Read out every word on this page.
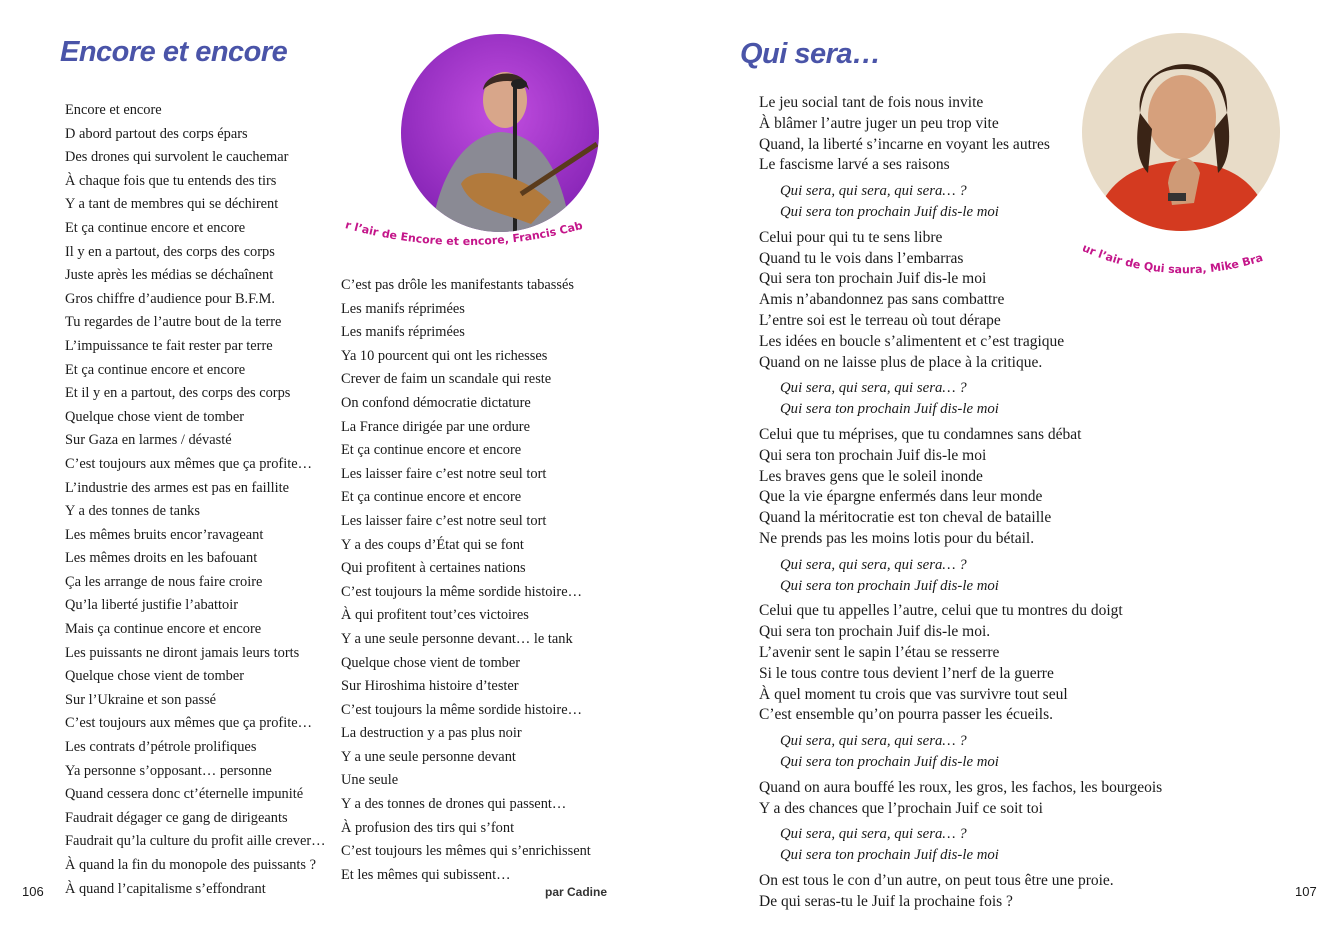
Encore et encore
Encore et encore
D abord partout des corps épars
Des drones qui survolent le cauchemar
À chaque fois que tu entends des tirs
Y a tant de membres qui se déchirent
Et ça continue encore et encore
Il y en a partout, des corps des corps
Juste après les médias se déchaînent
Gros chiffre d’audience pour B.F.M.
Tu regardes de l’autre bout de la terre
L’impuissance te fait rester par terre
Et ça continue encore et encore
Et il y en a partout, des corps des corps
Quelque chose vient de tomber
Sur Gaza en larmes / dévasté
C’est toujours aux mêmes que ça profite…
L’industrie des armes est pas en faillite
Y a des tonnes de tanks
Les mêmes bruits encor’ravageant
Les mêmes droits en les bafouant
Ça les arrange de nous faire croire
Qu’la liberté justifie l’abattoir
Mais ça continue encore et encore
Les puissants ne diront jamais leurs torts
Quelque chose vient de tomber
Sur l’Ukraine et son passé
C’est toujours aux mêmes que ça profite…
Les contrats d’pétrole prolifiques
Ya personne s’opposant… personne
Quand cessera donc ct’éternelle impunité
Faudrait dégager ce gang de dirigeants
Faudrait qu’la culture du profit aille crever…
À quand la fin du monopole des puissants ?
À quand l’capitalisme s’effondrant
sur l’air de Encore et encore, Francis Cabrel
C’est pas drôle les manifestants tabassés
Les manifs réprimées
Les manifs réprimées
Ya 10 pourcent qui ont les richesses
Crever de faim un scandale qui reste
On confond démocratie dictature
La France dirigée par une ordure
Et ça continue encore et encore
Les laisser faire c’est notre seul tort
Et ça continue encore et encore
Les laisser faire c’est notre seul tort
Y a des coups d’État qui se font
Qui profitent à certaines nations
C’est toujours la même sordide histoire…
À qui profitent tout’ces victoires
Y a une seule personne devant… le tank
Quelque chose vient de tomber
Sur Hiroshima histoire d’tester
C’est toujours la même sordide histoire…
La destruction y a pas plus noir
Y a une seule personne devant
Une seule
Y a des tonnes de drones qui passent…
À profusion des tirs qui s’font
C’est toujours les mêmes qui s’enrichissent
Et les mêmes qui subissent…

106	par Cadine

Qui sera…
Sur l’air de Qui saura, Mike Brant
Le jeu social tant de fois nous invite
À blâmer l’autre juger un peu trop vite
Quand, la liberté s’incarne en voyant les autres
Le fascisme larvé a ses raisons
Qui sera, qui sera, qui sera… ?
Qui sera ton prochain Juif dis-le moi
Celui pour qui tu te sens libre
Quand tu le vois dans l’embarras
Qui sera ton prochain Juif dis-le moi
Amis n’abandonnez pas sans combattre
L’entre soi est le terreau où tout dérape
Les idées en boucle s’alimentent et c’est tragique
Quand on ne laisse plus de place à la critique.
Qui sera, qui sera, qui sera… ?
Qui sera ton prochain Juif dis-le moi
Celui que tu méprises, que tu condamnes sans débat
Qui sera ton prochain Juif dis-le moi
Les braves gens que le soleil inonde
Que la vie épargne enfermés dans leur monde
Quand la méritocratie est ton cheval de bataille
Ne prends pas les moins lotis pour du bétail.
Qui sera, qui sera, qui sera… ?
Qui sera ton prochain Juif dis-le moi
Celui que tu appelles l’autre, celui que tu montres du doigt
Qui sera ton prochain Juif dis-le moi.
L’avenir sent le sapin l’étau se resserre
Si le tous contre tous devient l’nerf de la guerre
À quel moment tu crois que vas survivre tout seul
C’est ensemble qu’on pourra passer les écueils.
Qui sera, qui sera, qui sera… ?
Qui sera ton prochain Juif dis-le moi
Quand on aura bouffé les roux, les gros, les fachos, les bourgeois
Y a des chances que l’prochain Juif ce soit toi
Qui sera, qui sera, qui sera… ?
Qui sera ton prochain Juif dis-le moi
On est tous le con d’un autre, on peut tous être une proie.
De qui seras-tu le Juif la prochaine fois ?

107
